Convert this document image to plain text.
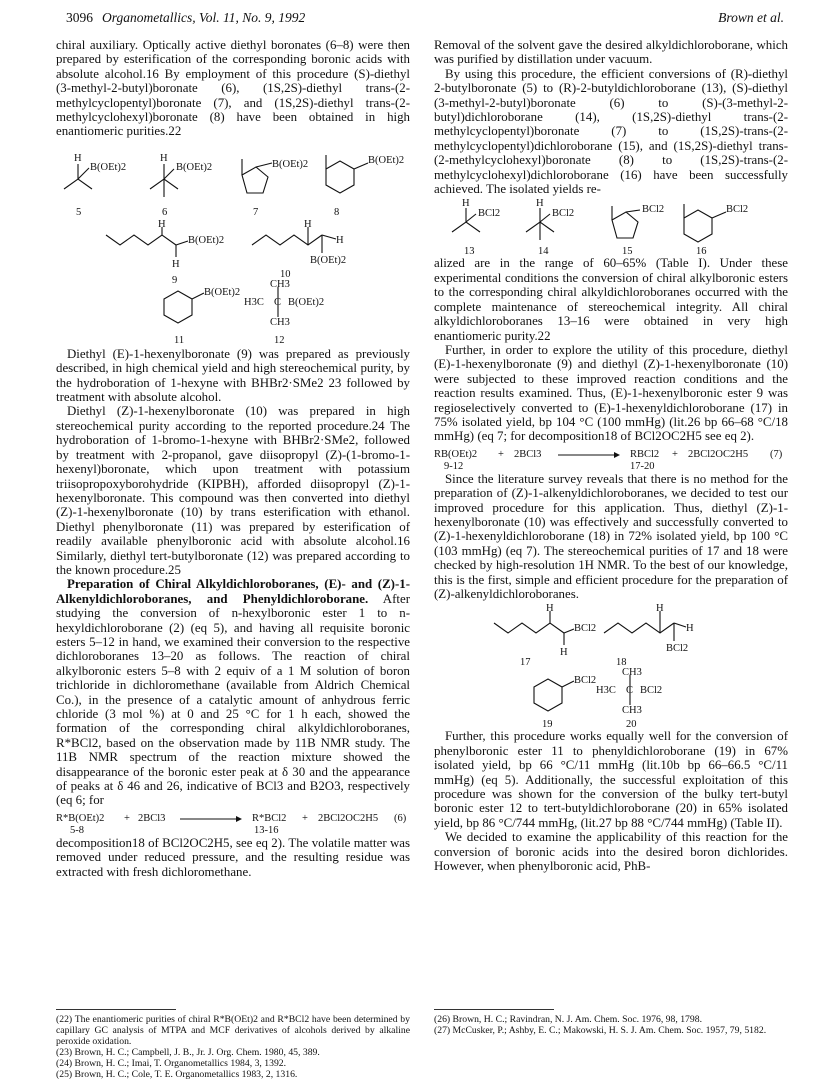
3096 Organometallics, Vol. 11, No. 9, 1992	Brown et al.

chiral auxiliary. Optically active diethyl boronates (6–8) were then prepared by esterification of the corresponding boronic acids with absolute alcohol.16 By employment of this procedure (S)-diethyl (3-methyl-2-butyl)boronate (6), (1S,2S)-diethyl trans-(2-methylcyclopentyl)boronate (7), and (1S,2S)-diethyl trans-(2-methylcyclohexyl)boronate (8) have been obtained in high enantiomeric purities.22

H
B(OEt)2
H
B(OEt)2	B(OEt)2	B(OEt)2
5	6	7	8
H
B(OEt)2
H
H
H
B(OEt)2
9
10
B(OEt)2
CH3
H3C C B(OEt)2
CH3
11	12

Diethyl (E)-1-hexenylboronate (9) was prepared as previously described, in high chemical yield and high stereochemical purity, by the hydroboration of 1-hexyne with BHBr2·SMe2 23 followed by treatment with absolute alcohol.

Diethyl (Z)-1-hexenylboronate (10) was prepared in high stereochemical purity according to the reported procedure.24 The hydroboration of 1-bromo-1-hexyne with BHBr2·SMe2, followed by treatment with 2-propanol, gave diisopropyl (Z)-(1-bromo-1-hexenyl)boronate, which upon treatment with potassium triisopropoxyborohydride (KIPBH), afforded diisopropyl (Z)-1-hexenylboronate. This compound was then converted into diethyl (Z)-1-hexenylboronate (10) by trans esterification with ethanol. Diethyl phenylboronate (11) was prepared by esterification of readily available phenylboronic acid with absolute alcohol.16 Similarly, diethyl tert-butylboronate (12) was prepared according to the known procedure.25

Preparation of Chiral Alkyldichloroboranes, (E)- and (Z)-1-Alkenyldichloroboranes, and Phenyldichloroborane. After studying the conversion of n-hexylboronic ester 1 to n-hexyldichloroborane (2) (eq 5), and having all requisite boronic esters 5–12 in hand, we examined their conversion to the respective dichloroboranes 13–20 as follows. The reaction of chiral alkylboronic esters 5–8 with 2 equiv of a 1 M solution of boron trichloride in dichloromethane (available from Aldrich Chemical Co.), in the presence of a catalytic amount of anhydrous ferric chloride (3 mol %) at 0 and 25 °C for 1 h each, showed the formation of the corresponding chiral alkyldichloroboranes, R*BCl2, based on the observation made by 11B NMR study. The 11B NMR spectrum of the reaction mixture showed the disappearance of the boronic ester peak at δ 30 and the appearance of peaks at δ 46 and 26, indicative of BCl3 and B2O3, respectively (eq 6; for

R*B(OEt)2
5-8
+ 2BCl3	R*BCl2
13-16
+ 2BCl2OC2H5 (6)

decomposition18 of BCl2OC2H5, see eq 2). The volatile matter was removed under reduced pressure, and the resulting residue was extracted with fresh dichloromethane.

(22) The enantiomeric purities of chiral R*B(OEt)2 and R*BCl2 have been determined by capillary GC analysis of MTPA and MCF derivatives of alcohols derived by alkaline peroxide oxidation.
(23) Brown, H. C.; Campbell, J. B., Jr. J. Org. Chem. 1980, 45, 389.
(24) Brown, H. C.; Imai, T. Organometallics 1984, 3, 1392.
(25) Brown, H. C.; Cole, T. E. Organometallics 1983, 2, 1316.

Removal of the solvent gave the desired alkyldichloroborane, which was purified by distillation under vacuum.

By using this procedure, the efficient conversions of (R)-diethyl 2-butylboronate (5) to (R)-2-butyldichloroborane (13), (S)-diethyl (3-methyl-2-butyl)boronate (6) to (S)-(3-methyl-2-butyl)dichloroborane (14), (1S,2S)-diethyl trans-(2-methylcyclopentyl)boronate (7) to (1S,2S)-trans-(2-methylcyclopentyl)dichloroborane (15), and (1S,2S)-diethyl trans-(2-methylcyclohexyl)boronate (8) to (1S,2S)-trans-(2-methylcyclohexyl)dichloroborane (16) have been successfully achieved. The isolated yields re-

H
BCl2
H
BCl2	BCl2	BCl2
13	14	15	16

alized are in the range of 60–65% (Table I). Under these experimental conditions the conversion of chiral alkylboronic esters to the corresponding chiral alkyldichloroboranes occurred with the complete maintenance of stereochemical integrity. All chiral alkyldichloroboranes 13–16 were obtained in very high enantiomeric purity.22

Further, in order to explore the utility of this procedure, diethyl (E)-1-hexenylboronate (9) and diethyl (Z)-1-hexenylboronate (10) were subjected to these improved reaction conditions and the reaction results examined. Thus, (E)-1-hexenylboronic ester 9 was regioselectively converted to (E)-1-hexenyldichloroborane (17) in 75% isolated yield, bp 104 °C (100 mmHg) (lit.26 bp 66–68 °C/18 mmHg) (eq 7; for decomposition18 of BCl2OC2H5 see eq 2).

RB(OEt)2
9-12
+ 2BCl3	RBCl2
17-20
+ 2BCl2OC2H5 (7)

Since the literature survey reveals that there is no method for the preparation of (Z)-1-alkenyldichloroboranes, we decided to test our improved procedure for this application. Thus, diethyl (Z)-1-hexenylboronate (10) was effectively and successfully converted to (Z)-1-hexenyldichloroborane (18) in 72% isolated yield, bp 100 °C (103 mmHg) (eq 7). The stereochemical purities of 17 and 18 were checked by high-resolution 1H NMR. To the best of our knowledge, this is the first, simple and efficient procedure for the preparation of (Z)-alkenyldichloroboranes.

H
BCl2
H
H
H
BCl2
17	18
BCl2
CH3
H3C C BCl2
CH3
19	20

Further, this procedure works equally well for the conversion of phenylboronic ester 11 to phenyldichloroborane (19) in 67% isolated yield, bp 66 °C/11 mmHg (lit.10b bp 66–66.5 °C/11 mmHg) (eq 5). Additionally, the successful exploitation of this procedure was shown for the conversion of the bulky tert-butyl boronic ester 12 to tert-butyldichloroborane (20) in 65% isolated yield, bp 86 °C/744 mmHg, (lit.27 bp 88 °C/744 mmHg) (Table II).

We decided to examine the applicability of this reaction for the conversion of boronic acids into the desired boron dichlorides. However, when phenylboronic acid, PhB-

(26) Brown, H. C.; Ravindran, N. J. Am. Chem. Soc. 1976, 98, 1798.
(27) McCusker, P.; Ashby, E. C.; Makowski, H. S. J. Am. Chem. Soc. 1957, 79, 5182.
